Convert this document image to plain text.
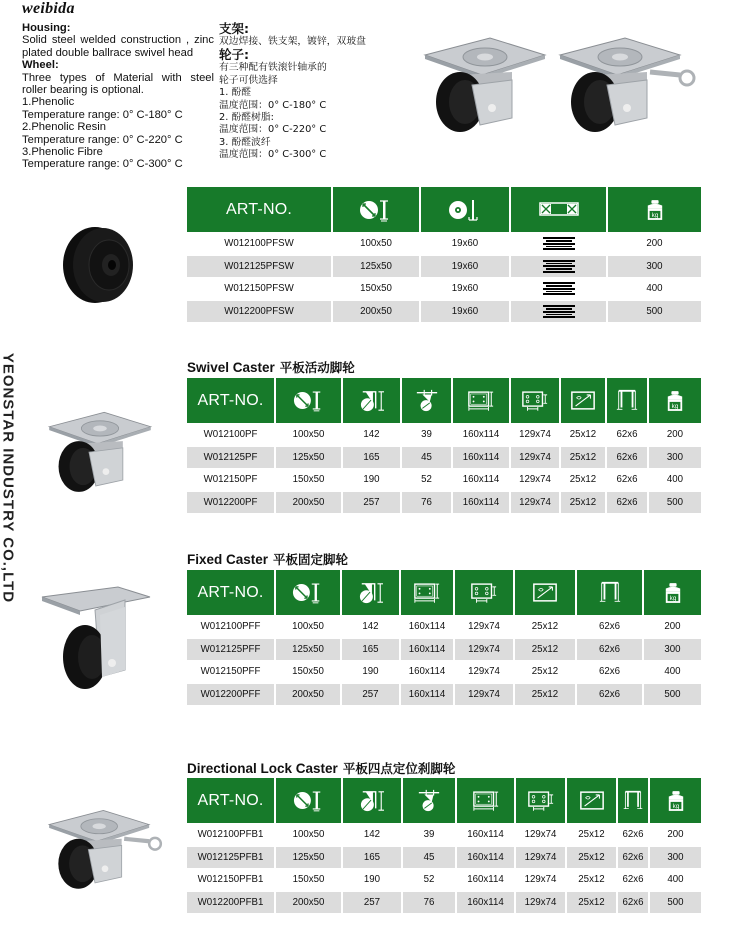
weibida
Housing:
Solid steel welded construction , zinc
plated double ballrace swivel head
Wheel:
Three types of Material with steel
roller bearing is optional.
1.Phenolic
Temperature range: 0° C-180° C
2.Phenolic Resin
Temperature range: 0° C-220° C
3.Phenolic Fibre
Temperature range: 0° C-300° C
支架:
双边焊接、铁支架，镀锌，双玻盘
轮子:
有三种配有铁滚针轴承的
轮子可供选择
1. 酚醛
温度范围：0° C-180° C
2. 酚醛树脂:
温度范围：0° C-220° C
3. 酚醛波纤
温度范围：0° C-300° C
YEONSTAR INDUSTRY CO.,LTD
ART-NO.				
W012100PFSW	100x50	19x60		200
W012125PFSW	125x50	19x60		300
W012150PFSW	150x50	19x60		400
W012200PFSW	200x50	19x60		500
Swivel Caster 平板活动脚轮
ART-NO.								
W012100PF	100x50	142	39	160x114	129x74	25x12	62x6	200
W012125PF	125x50	165	45	160x114	129x74	25x12	62x6	300
W012150PF	150x50	190	52	160x114	129x74	25x12	62x6	400
W012200PF	200x50	257	76	160x114	129x74	25x12	62x6	500
Fixed Caster 平板固定脚轮
ART-NO.							
W012100PFF	100x50	142	160x114	129x74	25x12	62x6	200
W012125PFF	125x50	165	160x114	129x74	25x12	62x6	300
W012150PFF	150x50	190	160x114	129x74	25x12	62x6	400
W012200PFF	200x50	257	160x114	129x74	25x12	62x6	500
Directional Lock Caster 平板四点定位刹脚轮
ART-NO.								
W012100PFB1	100x50	142	39	160x114	129x74	25x12	62x6	200
W012125PFB1	125x50	165	45	160x114	129x74	25x12	62x6	300
W012150PFB1	150x50	190	52	160x114	129x74	25x12	62x6	400
W012200PFB1	200x50	257	76	160x114	129x74	25x12	62x6	500
